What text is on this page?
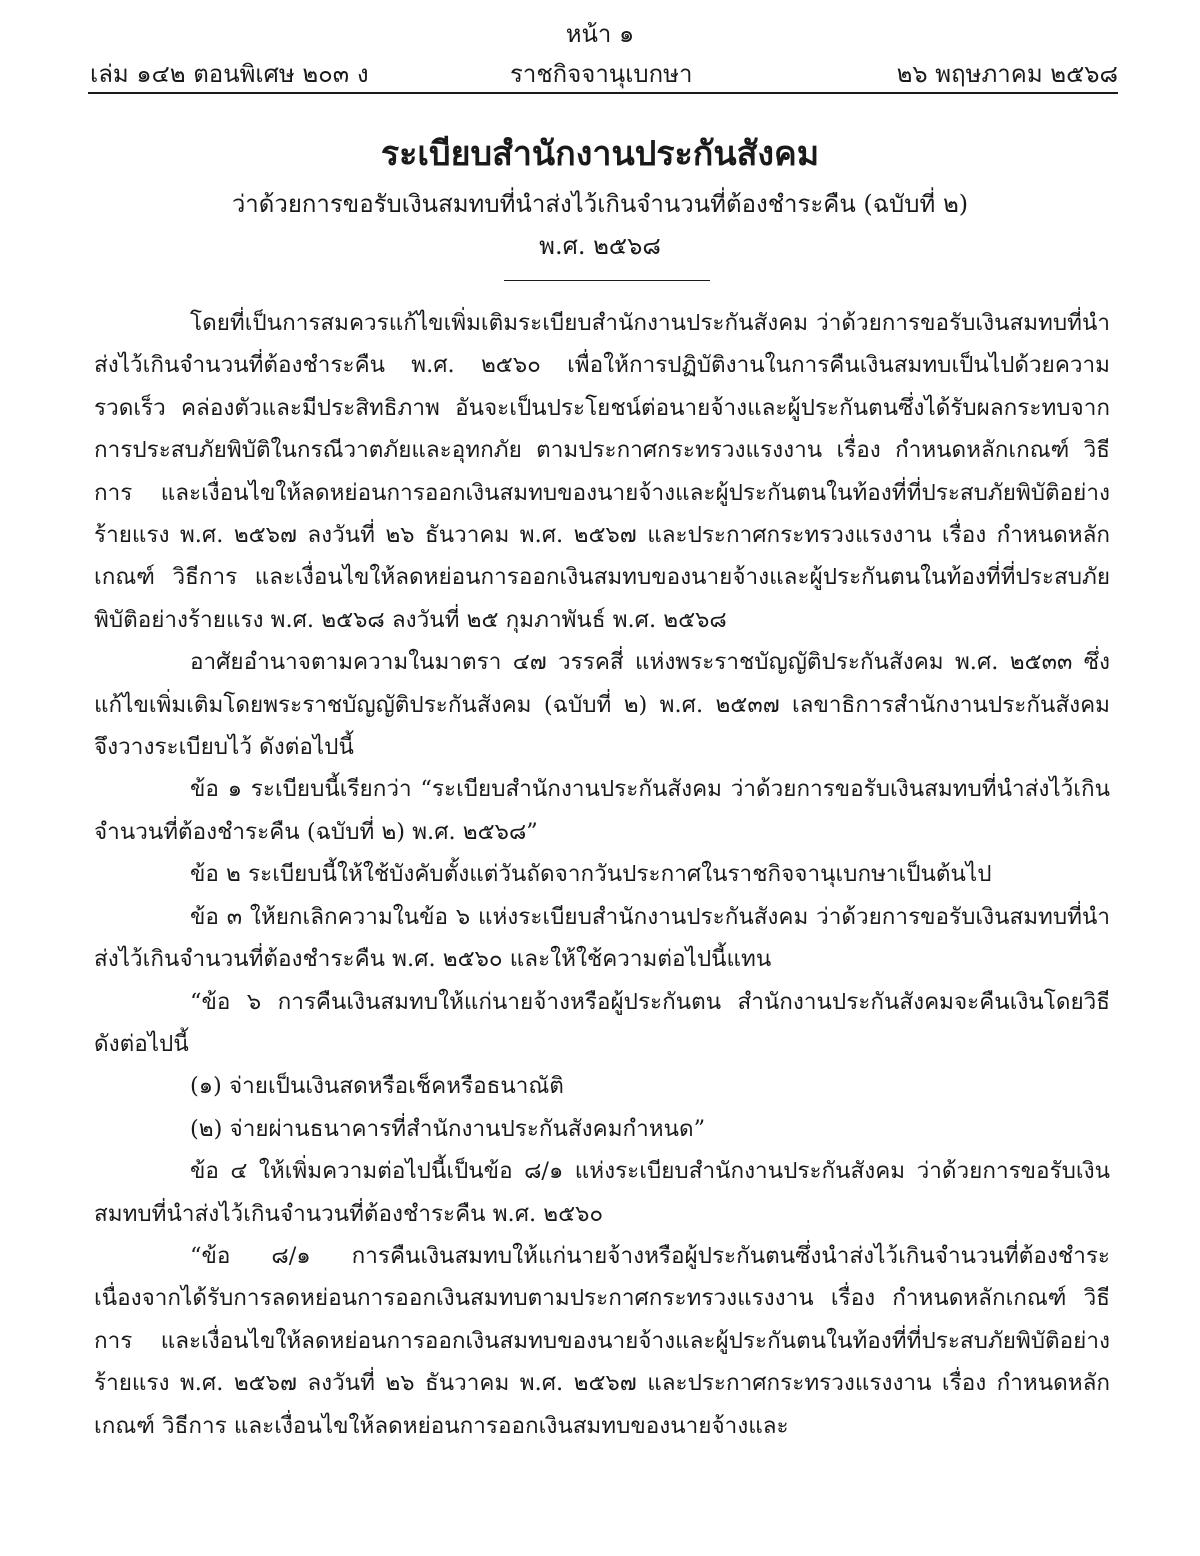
หน้า ๑
เล่ม ๑๔๒ ตอนพิเศษ ๒๐๓ ง	ราชกิจจานุเบกษา	๒๖ พฤษภาคม ๒๕๖๘
ระเบียบสำนักงานประกันสังคม
ว่าด้วยการขอรับเงินสมทบที่นำส่งไว้เกินจำนวนที่ต้องชำระคืน (ฉบับที่ ๒)
พ.ศ. ๒๕๖๘

โดยที่เป็นการสมควรแก้ไขเพิ่มเติมระเบียบสำนักงานประกันสังคม ว่าด้วยการขอรับเงินสมทบที่นำส่งไว้เกินจำนวนที่ต้องชำระคืน พ.ศ. ๒๕๖๐ เพื่อให้การปฏิบัติงานในการคืนเงินสมทบเป็นไปด้วยความรวดเร็ว คล่องตัวและมีประสิทธิภาพ อันจะเป็นประโยชน์ต่อนายจ้างและผู้ประกันตนซึ่งได้รับผลกระทบจากการประสบภัยพิบัติในกรณีวาตภัยและอุทกภัย ตามประกาศกระทรวงแรงงาน เรื่อง กำหนดหลักเกณฑ์ วิธีการ และเงื่อนไขให้ลดหย่อนการออกเงินสมทบของนายจ้างและผู้ประกันตนในท้องที่ที่ประสบภัยพิบัติอย่างร้ายแรง พ.ศ. ๒๕๖๗ ลงวันที่ ๒๖ ธันวาคม พ.ศ. ๒๕๖๗ และประกาศกระทรวงแรงงาน เรื่อง กำหนดหลักเกณฑ์ วิธีการ และเงื่อนไขให้ลดหย่อนการออกเงินสมทบของนายจ้างและผู้ประกันตนในท้องที่ที่ประสบภัยพิบัติอย่างร้ายแรง พ.ศ. ๒๕๖๘ ลงวันที่ ๒๕ กุมภาพันธ์ พ.ศ. ๒๕๖๘

อาศัยอำนาจตามความในมาตรา ๔๗ วรรคสี่ แห่งพระราชบัญญัติประกันสังคม พ.ศ. ๒๕๓๓ ซึ่งแก้ไขเพิ่มเติมโดยพระราชบัญญัติประกันสังคม (ฉบับที่ ๒) พ.ศ. ๒๕๓๗ เลขาธิการสำนักงานประกันสังคม จึงวางระเบียบไว้ ดังต่อไปนี้

ข้อ ๑ ระเบียบนี้เรียกว่า “ระเบียบสำนักงานประกันสังคม ว่าด้วยการขอรับเงินสมทบที่นำส่งไว้เกินจำนวนที่ต้องชำระคืน (ฉบับที่ ๒) พ.ศ. ๒๕๖๘”

ข้อ ๒ ระเบียบนี้ให้ใช้บังคับตั้งแต่วันถัดจากวันประกาศในราชกิจจานุเบกษาเป็นต้นไป

ข้อ ๓ ให้ยกเลิกความในข้อ ๖ แห่งระเบียบสำนักงานประกันสังคม ว่าด้วยการขอรับเงินสมทบที่นำส่งไว้เกินจำนวนที่ต้องชำระคืน พ.ศ. ๒๕๖๐ และให้ใช้ความต่อไปนี้แทน

“ข้อ ๖ การคืนเงินสมทบให้แก่นายจ้างหรือผู้ประกันตน สำนักงานประกันสังคมจะคืนเงินโดยวิธี ดังต่อไปนี้

(๑) จ่ายเป็นเงินสดหรือเช็คหรือธนาณัติ

(๒) จ่ายผ่านธนาคารที่สำนักงานประกันสังคมกำหนด”

ข้อ ๔ ให้เพิ่มความต่อไปนี้เป็นข้อ ๘/๑ แห่งระเบียบสำนักงานประกันสังคม ว่าด้วยการขอรับเงินสมทบที่นำส่งไว้เกินจำนวนที่ต้องชำระคืน พ.ศ. ๒๕๖๐

“ข้อ ๘/๑ การคืนเงินสมทบให้แก่นายจ้างหรือผู้ประกันตนซึ่งนำส่งไว้เกินจำนวนที่ต้องชำระเนื่องจากได้รับการลดหย่อนการออกเงินสมทบตามประกาศกระทรวงแรงงาน เรื่อง กำหนดหลักเกณฑ์ วิธีการ และเงื่อนไขให้ลดหย่อนการออกเงินสมทบของนายจ้างและผู้ประกันตนในท้องที่ที่ประสบภัยพิบัติอย่างร้ายแรง พ.ศ. ๒๕๖๗ ลงวันที่ ๒๖ ธันวาคม พ.ศ. ๒๕๖๗ และประกาศกระทรวงแรงงาน เรื่อง กำหนดหลักเกณฑ์ วิธีการ และเงื่อนไขให้ลดหย่อนการออกเงินสมทบของนายจ้างและ
